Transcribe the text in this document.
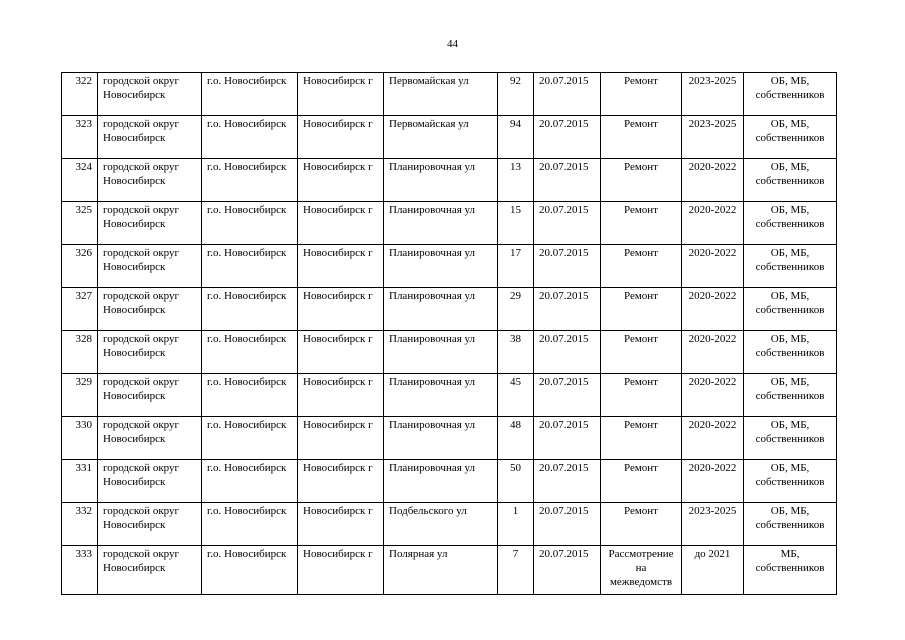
44
322	городской округ Новосибирск	г.о. Новосибирск	Новосибирск г	Первомайская ул	92	20.07.2015	Ремонт	2023-2025	ОБ, МБ, собственников
323	городской округ Новосибирск	г.о. Новосибирск	Новосибирск г	Первомайская ул	94	20.07.2015	Ремонт	2023-2025	ОБ, МБ, собственников
324	городской округ Новосибирск	г.о. Новосибирск	Новосибирск г	Планировочная ул	13	20.07.2015	Ремонт	2020-2022	ОБ, МБ, собственников
325	городской округ Новосибирск	г.о. Новосибирск	Новосибирск г	Планировочная ул	15	20.07.2015	Ремонт	2020-2022	ОБ, МБ, собственников
326	городской округ Новосибирск	г.о. Новосибирск	Новосибирск г	Планировочная ул	17	20.07.2015	Ремонт	2020-2022	ОБ, МБ, собственников
327	городской округ Новосибирск	г.о. Новосибирск	Новосибирск г	Планировочная ул	29	20.07.2015	Ремонт	2020-2022	ОБ, МБ, собственников
328	городской округ Новосибирск	г.о. Новосибирск	Новосибирск г	Планировочная ул	38	20.07.2015	Ремонт	2020-2022	ОБ, МБ, собственников
329	городской округ Новосибирск	г.о. Новосибирск	Новосибирск г	Планировочная ул	45	20.07.2015	Ремонт	2020-2022	ОБ, МБ, собственников
330	городской округ Новосибирск	г.о. Новосибирск	Новосибирск г	Планировочная ул	48	20.07.2015	Ремонт	2020-2022	ОБ, МБ, собственников
331	городской округ Новосибирск	г.о. Новосибирск	Новосибирск г	Планировочная ул	50	20.07.2015	Ремонт	2020-2022	ОБ, МБ, собственников
332	городской округ Новосибирск	г.о. Новосибирск	Новосибирск г	Подбельского ул	1	20.07.2015	Ремонт	2023-2025	ОБ, МБ, собственников
333	городской округ Новосибирск	г.о. Новосибирск	Новосибирск г	Полярная ул	7	20.07.2015	Рассмотрение на межведомств	до 2021	МБ, собственников
